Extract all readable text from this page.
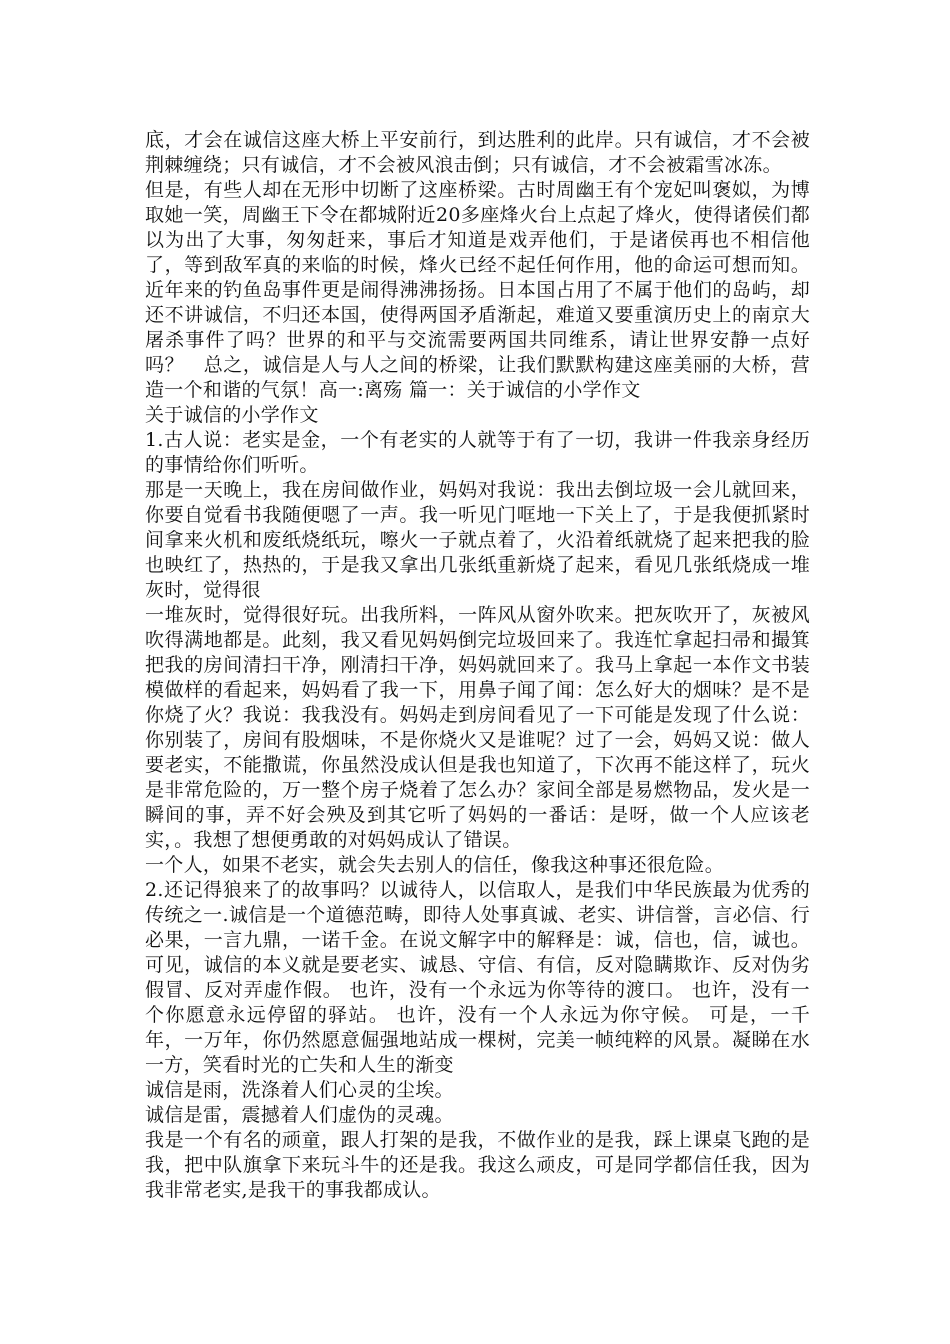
底，才会在诚信这座大桥上平安前行，到达胜利的此岸。只有诚信，才不会被荆棘缠绕；只有诚信，才不会被风浪击倒；只有诚信，才不会被霜雪冰冻。

但是，有些人却在无形中切断了这座桥梁。古时周幽王有个宠妃叫褒姒，为博取她一笑，周幽王下令在都城附近20多座烽火台上点起了烽火，使得诸侯们都以为出了大事，匆匆赶来，事后才知道是戏弄他们，于是诸侯再也不相信他了，等到敌军真的来临的时候，烽火已经不起任何作用，他的命运可想而知。近年来的钓鱼岛事件更是闹得沸沸扬扬。日本国占用了不属于他们的岛屿，却还不讲诚信，不归还本国，使得两国矛盾渐起，难道又要重演历史上的南京大屠杀事件了吗？世界的和平与交流需要两国共同维系，请让世界安静一点好吗？　总之，诚信是人与人之间的桥梁，让我们默默构建这座美丽的大桥，营造一个和谐的气氛！高一:离殇 篇一：关于诚信的小学作文

关于诚信的小学作文

1.古人说：老实是金，一个有老实的人就等于有了一切，我讲一件我亲身经历的事情给你们听听。

那是一天晚上，我在房间做作业，妈妈对我说：我出去倒垃圾一会儿就回来，你要自觉看书我随便嗯了一声。我一听见门哐地一下关上了，于是我便抓紧时间拿来火机和废纸烧纸玩，嚓火一子就点着了，火沿着纸就烧了起来把我的脸也映红了，热热的，于是我又拿出几张纸重新烧了起来，看见几张纸烧成一堆灰时，觉得很

一堆灰时，觉得很好玩。出我所料，一阵风从窗外吹来。把灰吹开了，灰被风吹得满地都是。此刻，我又看见妈妈倒完垃圾回来了。我连忙拿起扫帚和撮箕把我的房间清扫干净，刚清扫干净，妈妈就回来了。我马上拿起一本作文书装模做样的看起来，妈妈看了我一下，用鼻子闻了闻：怎么好大的烟味？是不是你烧了火？我说：我我没有。妈妈走到房间看见了一下可能是发现了什么说：你别装了，房间有股烟味，不是你烧火又是谁呢？过了一会，妈妈又说：做人要老实，不能撒谎，你虽然没成认但是我也知道了，下次再不能这样了，玩火是非常危险的，万一整个房子烧着了怎么办？家间全部是易燃物品，发火是一瞬间的事，弄不好会殃及到其它听了妈妈的一番话：是呀，做一个人应该老实，。我想了想便勇敢的对妈妈成认了错误。

一个人，如果不老实，就会失去别人的信任，像我这种事还很危险。

2.还记得狼来了的故事吗？以诚待人，以信取人，是我们中华民族最为优秀的传统之一.诚信是一个道德范畴，即待人处事真诚、老实、讲信誉，言必信、行必果，一言九鼎，一诺千金。在说文解字中的解释是：诚，信也，信，诚也。可见，诚信的本义就是要老实、诚恳、守信、有信，反对隐瞒欺诈、反对伪劣假冒、反对弄虚作假。 也许，没有一个永远为你等待的渡口。 也许，没有一个你愿意永远停留的驿站。 也许，没有一个人永远为你守候。 可是，一千年，一万年，你仍然愿意倔强地站成一棵树，完美一帧纯粹的风景。凝睇在水一方，笑看时光的亡失和人生的渐变

诚信是雨，洗涤着人们心灵的尘埃。

诚信是雷，震撼着人们虚伪的灵魂。

我是一个有名的顽童，跟人打架的是我，不做作业的是我，踩上课桌飞跑的是我，把中队旗拿下来玩斗牛的还是我。我这么顽皮，可是同学都信任我，因为我非常老实,是我干的事我都成认。
